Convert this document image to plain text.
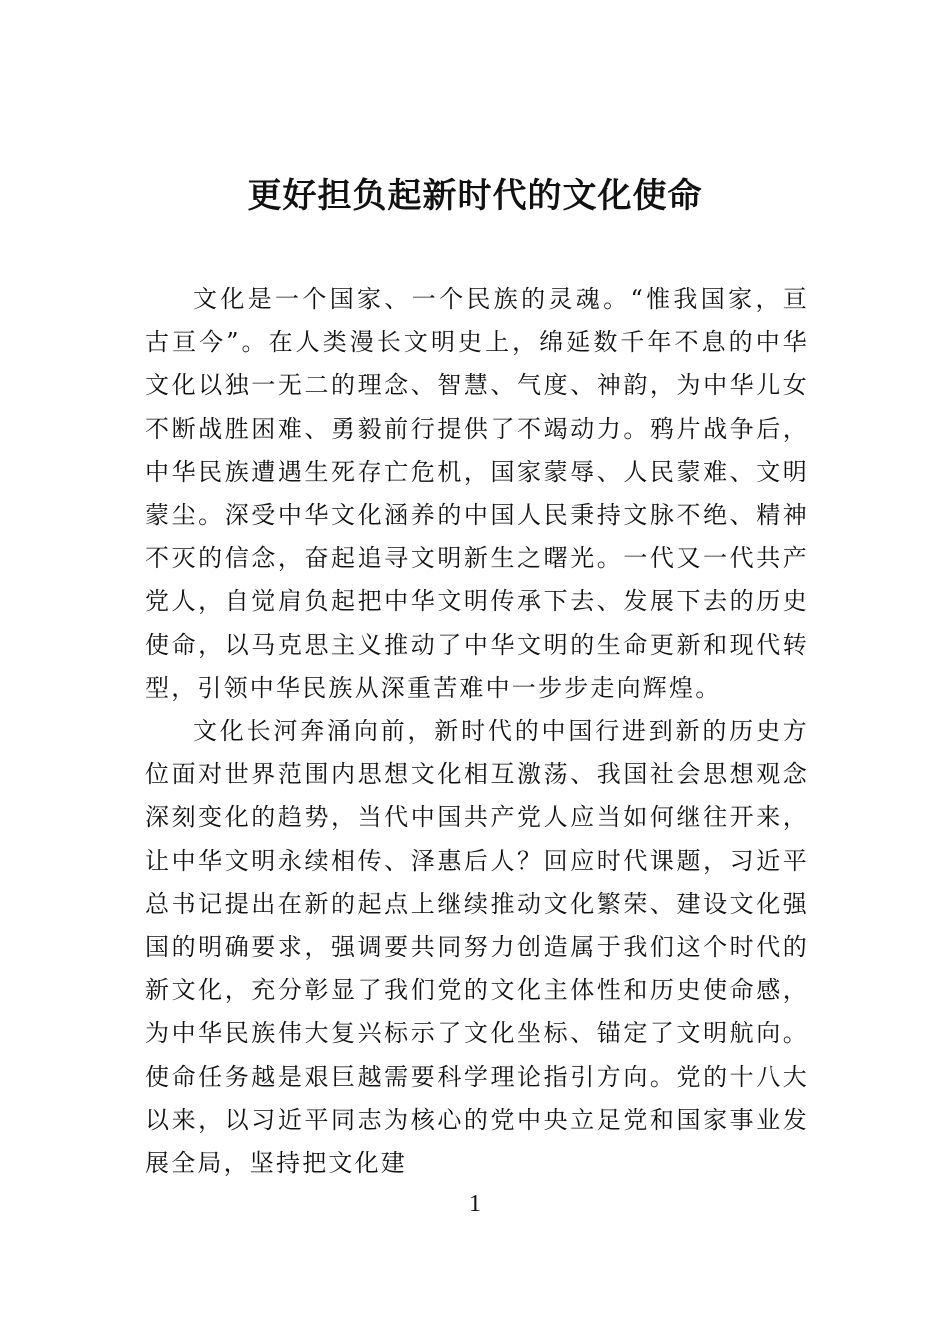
更好担负起新时代的文化使命

文化是一个国家、一个民族的灵魂。“惟我国家，亘古亘今”。在人类漫长文明史上，绵延数千年不息的中华文化以独一无二的理念、智慧、气度、神韵，为中华儿女不断战胜困难、勇毅前行提供了不竭动力。鸦片战争后，中华民族遭遇生死存亡危机，国家蒙辱、人民蒙难、文明蒙尘。深受中华文化涵养的中国人民秉持文脉不绝、精神不灭的信念，奋起追寻文明新生之曙光。一代又一代共产党人，自觉肩负起把中华文明传承下去、发展下去的历史使命，以马克思主义推动了中华文明的生命更新和现代转型，引领中华民族从深重苦难中一步步走向辉煌。

文化长河奔涌向前，新时代的中国行进到新的历史方位面对世界范围内思想文化相互激荡、我国社会思想观念深刻变化的趋势，当代中国共产党人应当如何继往开来，让中华文明永续相传、泽惠后人？回应时代课题，习近平总书记提出在新的起点上继续推动文化繁荣、建设文化强国的明确要求，强调要共同努力创造属于我们这个时代的新文化，充分彰显了我们党的文化主体性和历史使命感，为中华民族伟大复兴标示了文化坐标、锚定了文明航向。使命任务越是艰巨越需要科学理论指引方向。党的十八大以来，以习近平同志为核心的党中央立足党和国家事业发展全局，坚持把文化建

1
